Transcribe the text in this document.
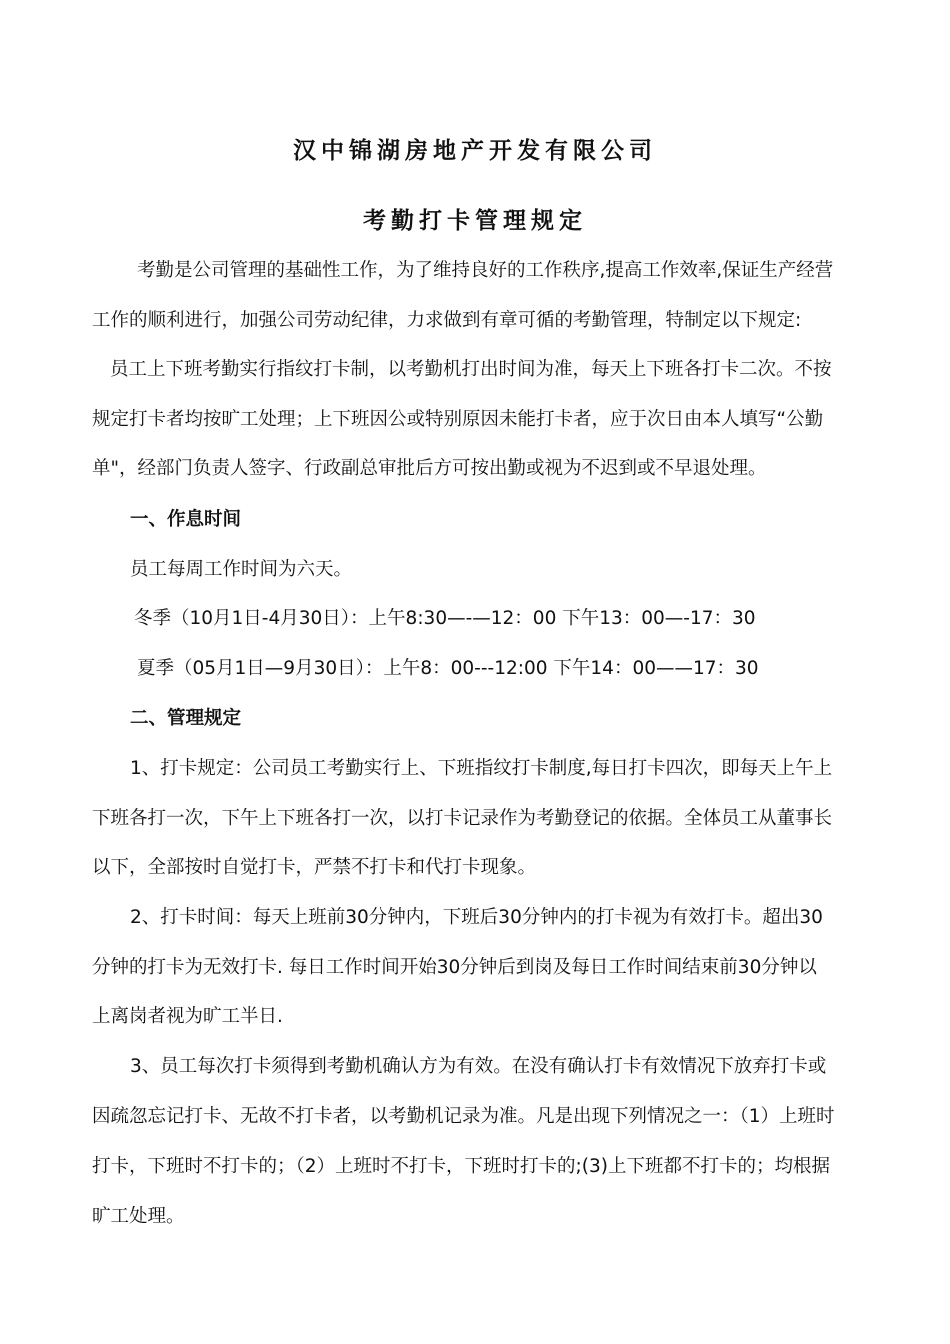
汉中锦湖房地产开发有限公司
考勤打卡管理规定
考勤是公司管理的基础性工作，为了维持良好的工作秩序,提高工作效率,保证生产经营
工作的顺利进行，加强公司劳动纪律，力求做到有章可循的考勤管理，特制定以下规定:
员工上下班考勤实行指纹打卡制，以考勤机打出时间为准，每天上下班各打卡二次。不按
规定打卡者均按旷工处理；上下班因公或特别原因未能打卡者，应于次日由本人填写“公勤
单"，经部门负责人签字、行政副总审批后方可按出勤或视为不迟到或不早退处理。
一、作息时间
员工每周工作时间为六天。
冬季（10月1日-4月30日）：上午8:30—-—12：00 下午13：00—-17：30
夏季（05月1日—9月30日）：上午8：00---12:00 下午14：00——17：30
二、管理规定
1、打卡规定：公司员工考勤实行上、下班指纹打卡制度,每日打卡四次，即每天上午上
下班各打一次，下午上下班各打一次，以打卡记录作为考勤登记的依据。全体员工从董事长
以下，全部按时自觉打卡，严禁不打卡和代打卡现象。
2、打卡时间：每天上班前30分钟内，下班后30分钟内的打卡视为有效打卡。超出30
分钟的打卡为无效打卡. 每日工作时间开始30分钟后到岗及每日工作时间结束前30分钟以
上离岗者视为旷工半日.
3、员工每次打卡须得到考勤机确认方为有效。在没有确认打卡有效情况下放弃打卡或
因疏忽忘记打卡、无故不打卡者，以考勤机记录为准。凡是出现下列情况之一：（1）上班时
打卡，下班时不打卡的；（2）上班时不打卡，下班时打卡的;(3)上下班都不打卡的；均根据
旷工处理。
